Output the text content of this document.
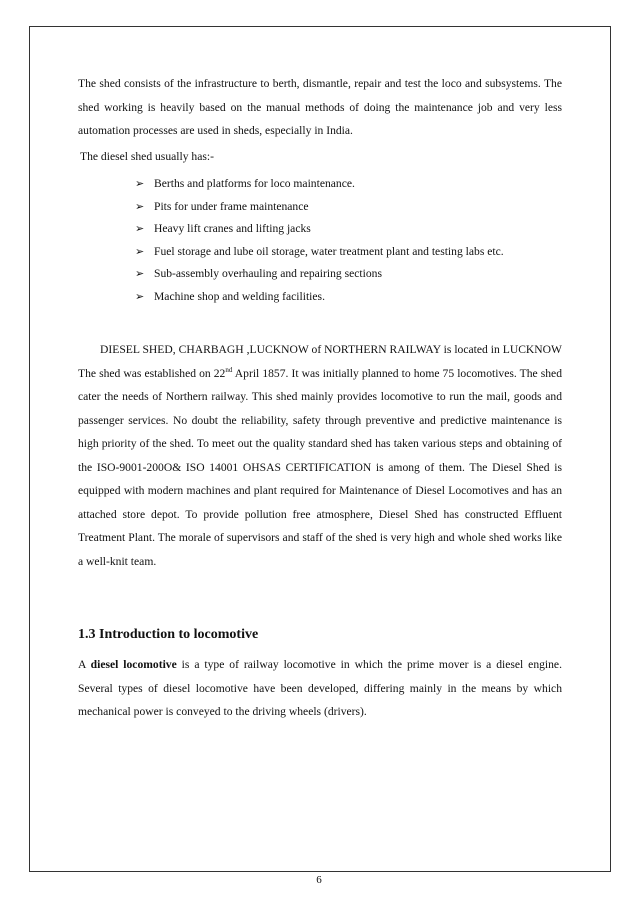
The shed consists of the infrastructure to berth, dismantle, repair and test the loco and subsystems. The shed working is heavily based on the manual methods of doing the maintenance job and very less automation processes are used in sheds, especially in India.

The diesel shed usually has:-

➢ Berths and platforms for loco maintenance.
➢ Pits for under frame maintenance
➢ Heavy lift cranes and lifting jacks
➢ Fuel storage and lube oil storage, water treatment plant and testing labs etc.
➢ Sub-assembly overhauling and repairing sections
➢ Machine shop and welding facilities.

DIESEL SHED, CHARBAGH ,LUCKNOW of NORTHERN RAILWAY is located in LUCKNOW The shed was established on 22nd April 1857. It was initially planned to home 75 locomotives. The shed cater the needs of Northern railway. This shed mainly provides locomotive to run the mail, goods and passenger services. No doubt the reliability, safety through preventive and predictive maintenance is high priority of the shed. To meet out the quality standard shed has taken various steps and obtaining of the ISO-9001-200O& ISO 14001 OHSAS CERTIFICATION is among of them. The Diesel Shed is equipped with modern machines and plant required for Maintenance of Diesel Locomotives and has an attached store depot. To provide pollution free atmosphere, Diesel Shed has constructed Effluent Treatment Plant. The morale of supervisors and staff of the shed is very high and whole shed works like a well-knit team.

1.3 Introduction to locomotive

A diesel locomotive is a type of railway locomotive in which the prime mover is a diesel engine. Several types of diesel locomotive have been developed, differing mainly in the means by which mechanical power is conveyed to the driving wheels (drivers).

6
